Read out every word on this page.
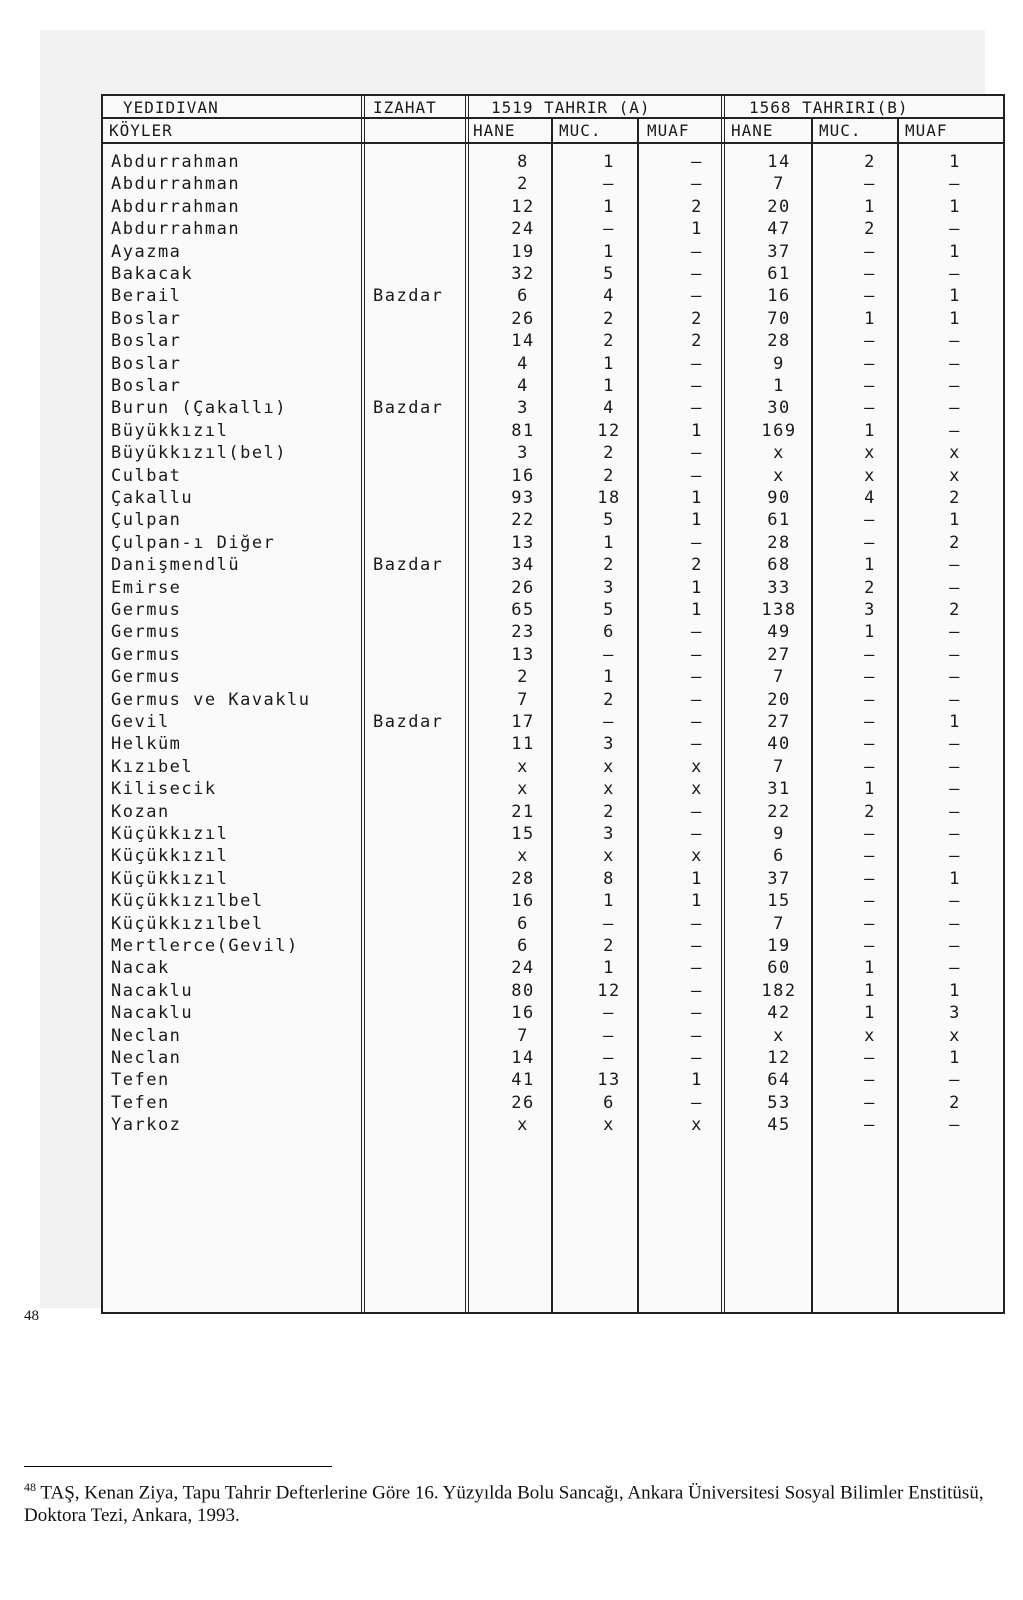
YEDIDIVAN
KÖYLER
IZAHAT	1519 TAHRIR (A)	1568 TAHRIRI(B)
HANE	MUC.	MUAF	HANE	MUC.	MUAF
Abdurrahman	8	1	–	14	2	1
Abdurrahman	2	–	–	7	–	–
Abdurrahman	12	1	2	20	1	1
Abdurrahman	24	–	1	47	2	–
Ayazma	19	1	–	37	–	1
Bakacak	32	5	–	61	–	–
Berail	Bazdar	6	4	–	16	–	1
Boslar	26	2	2	70	1	1
Boslar	14	2	2	28	–	–
Boslar	4	1	–	9	–	–
Boslar	4	1	–	1	–	–
Burun (Çakallı)	Bazdar	3	4	–	30	–	–
Büyükkızıl	81	12	1	169	1	–
Büyükkızıl(bel)	3	2	–	x	x	x
Culbat	16	2	–	x	x	x
Çakallu	93	18	1	90	4	2
Çulpan	22	5	1	61	–	1
Çulpan-ı Diğer	13	1	–	28	–	2
Danişmendlü	Bazdar	34	2	2	68	1	–
Emirse	26	3	1	33	2	–
Germus	65	5	1	138	3	2
Germus	23	6	–	49	1	–
Germus	13	–	–	27	–	–
Germus	2	1	–	7	–	–
Germus ve Kavaklu	7	2	–	20	–	–
Gevil	Bazdar	17	–	–	27	–	1
Helküm	11	3	–	40	–	–
Kızıbel	x	x	x	7	–	–
Kilisecik	x	x	x	31	1	–
Kozan	21	2	–	22	2	–
Küçükkızıl	15	3	–	9	–	–
Küçükkızıl	x	x	x	6	–	–
Küçükkızıl	28	8	1	37	–	1
Küçükkızılbel	16	1	1	15	–	–
Küçükkızılbel	6	–	–	7	–	–
Mertlerce(Gevil)	6	2	–	19	–	–
Nacak	24	1	–	60	1	–
Nacaklu	80	12	–	182	1	1
Nacaklu	16	–	–	42	1	3
Neclan	7	–	–	x	x	x
Neclan	14	–	–	12	–	1
Tefen	41	13	1	64	–	–
Tefen	26	6	–	53	–	2
Yarkoz	x	x	x	45	–	–
48
$^{48}$ TAŞ, Kenan Ziya, Tapu Tahrir Defterlerine Göre 16. Yüzyılda Bolu Sancağı, Ankara Üniversitesi Sosyal Bilimler Enstitüsü, Doktora Tezi, Ankara, 1993.
